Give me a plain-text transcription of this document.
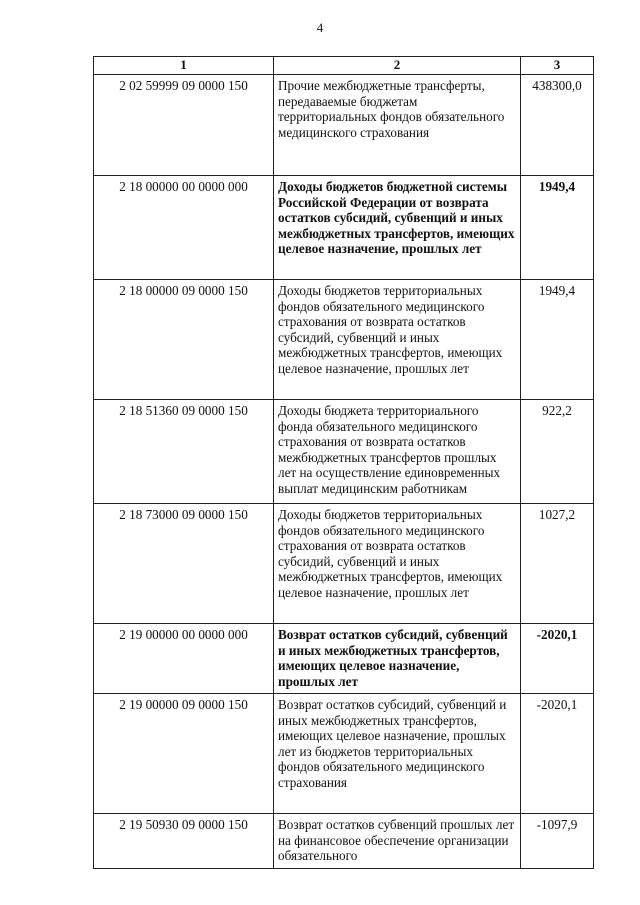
4
1	2	3
2 02 59999 09 0000 150	Прочие межбюджетные трансферты, передаваемые бюджетам территориальных фондов обязательного медицинского страхования	438300,0
2 18 00000 00 0000 000	Доходы бюджетов бюджетной системы Российской Федерации от возврата остатков субсидий, субвенций и иных межбюджетных трансфертов, имеющих целевое назначение, прошлых лет	1949,4
2 18 00000 09 0000 150	Доходы бюджетов территориальных фондов обязательного медицинского страхования от возврата остатков субсидий, субвенций и иных межбюджетных трансфертов, имеющих целевое назначение, прошлых лет	1949,4
2 18 51360 09 0000 150	Доходы бюджета территориального фонда обязательного медицинского страхования от возврата остатков межбюджетных трансфертов прошлых лет на осуществление единовременных выплат медицинским работникам	922,2
2 18 73000 09 0000 150	Доходы бюджетов территориальных фондов обязательного медицинского страхования от возврата остатков субсидий, субвенций и иных межбюджетных трансфертов, имеющих целевое назначение, прошлых лет	1027,2
2 19 00000 00 0000 000	Возврат остатков субсидий, субвенций и иных межбюджетных трансфертов, имеющих целевое назначение, прошлых лет	-2020,1
2 19 00000 09 0000 150	Возврат остатков субсидий, субвенций и иных межбюджетных трансфертов, имеющих целевое назначение, прошлых лет из бюджетов территориальных фондов обязательного медицинского страхования	-2020,1
2 19 50930 09 0000 150	Возврат остатков субвенций прошлых лет на финансовое обеспечение организации обязательного	-1097,9
